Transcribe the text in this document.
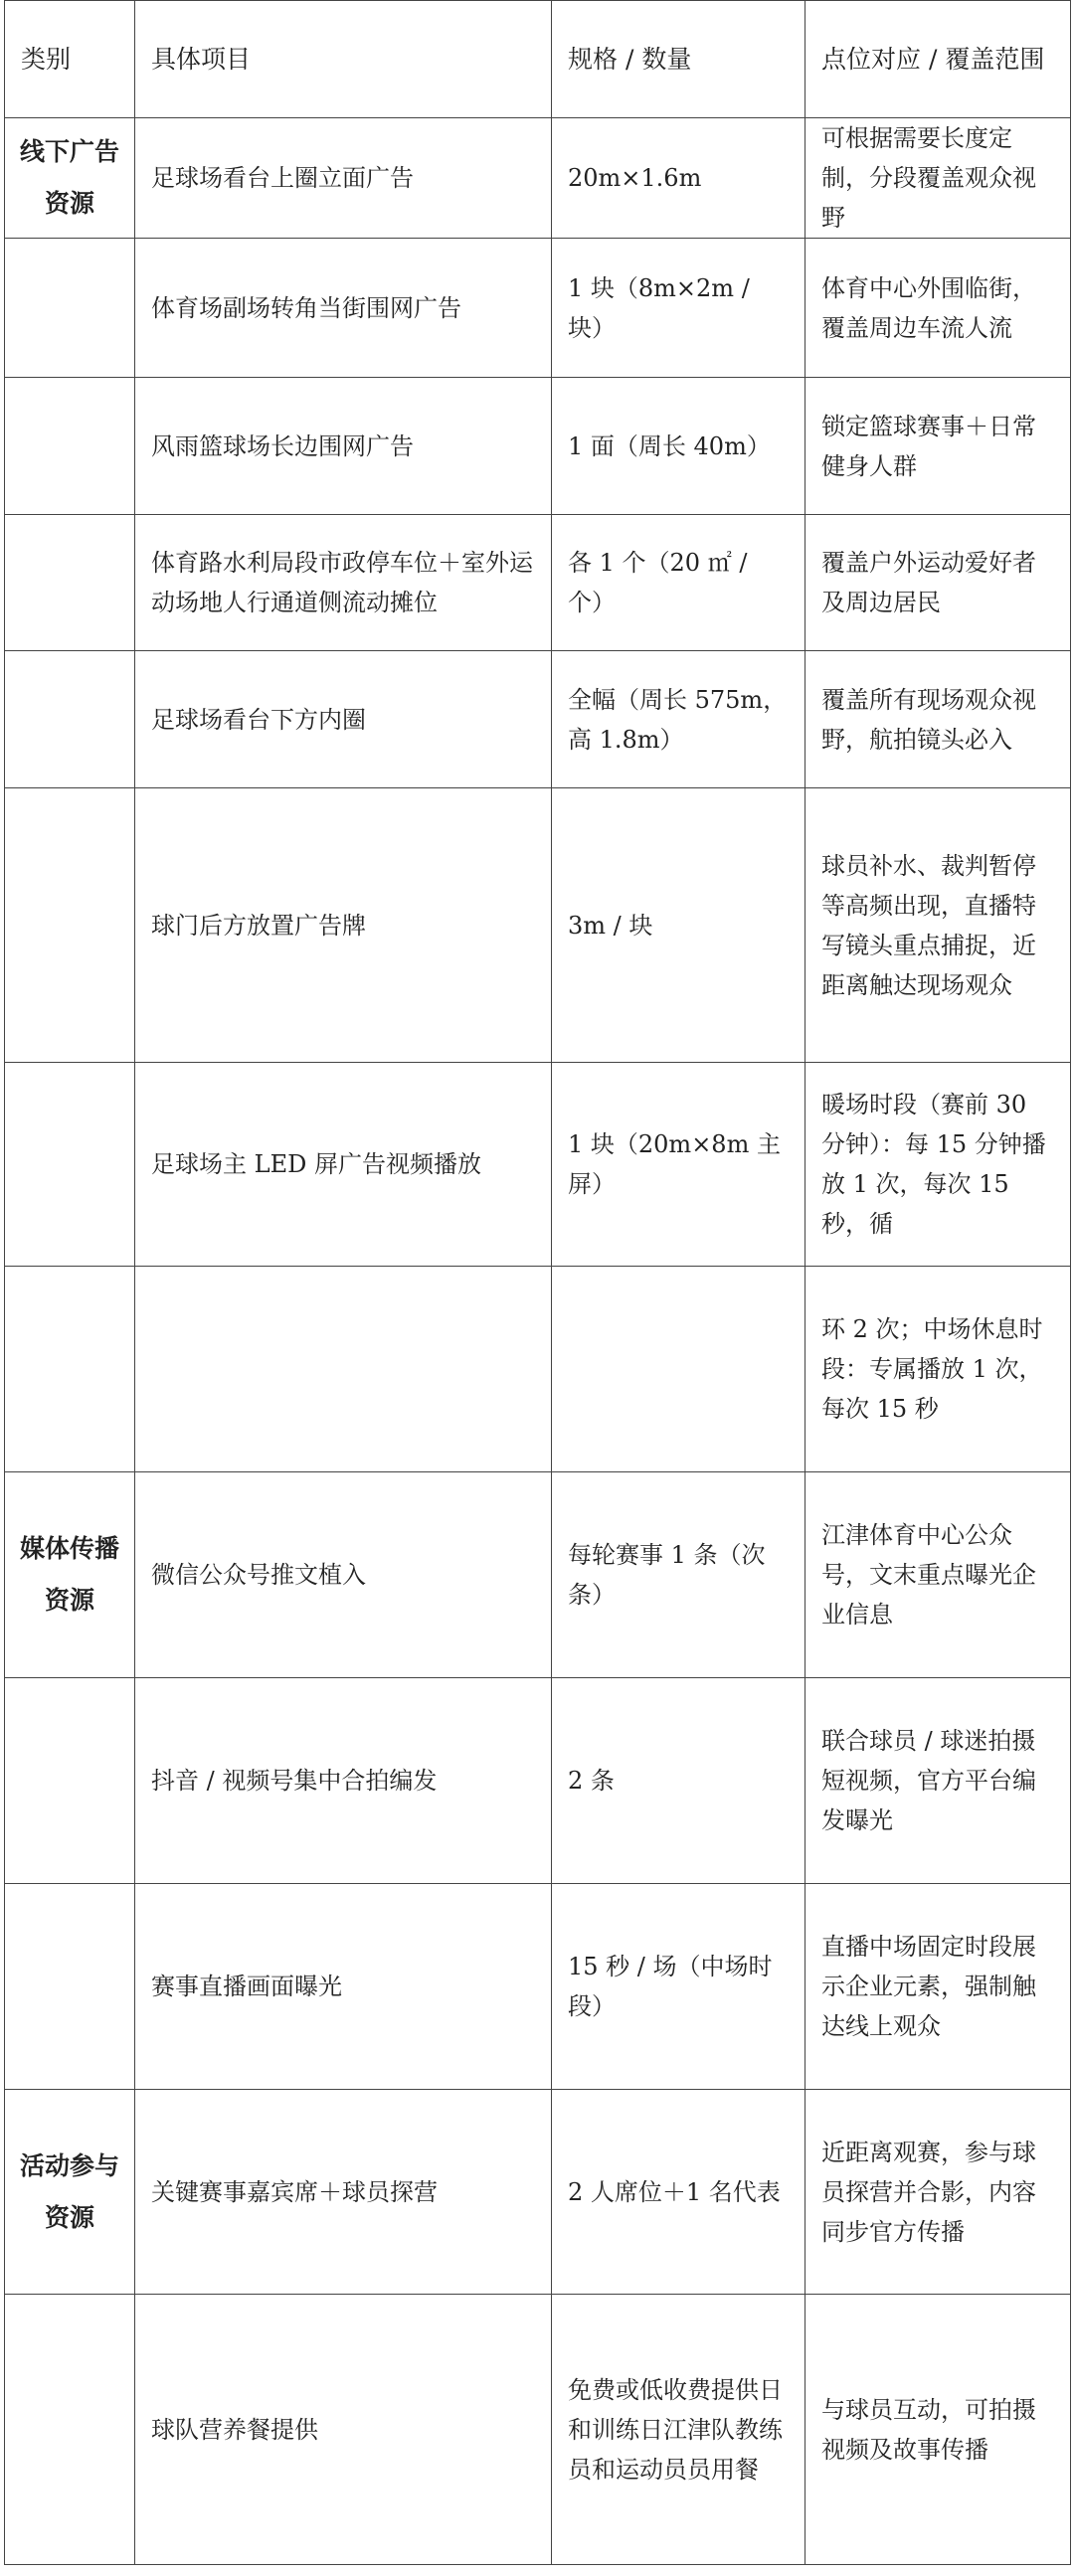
类别	具体项目	规格 / 数量	点位对应 / 覆盖范围
线下广告资源	足球场看台上圈立面广告	20m×1.6m	可根据需要长度定制，分段覆盖观众视野
	体育场副场转角当街围网广告	1 块（8m×2m / 块）	体育中心外围临街，覆盖周边车流人流
	风雨篮球场长边围网广告	1 面（周长 40m）	锁定篮球赛事＋日常健身人群
	体育路水利局段市政停车位＋室外运动场地人行通道侧流动摊位	各 1 个（20 ㎡ / 个）	覆盖户外运动爱好者及周边居民
	足球场看台下方内圈	全幅（周长 575m，高 1.8m）	覆盖所有现场观众视野，航拍镜头必入
	球门后方放置广告牌	3m / 块	球员补水、裁判暂停等高频出现，直播特写镜头重点捕捉，近距离触达现场观众
	足球场主 LED 屏广告视频播放	1 块（20m×8m 主屏）	暖场时段（赛前 30 分钟）：每 15 分钟播放 1 次，每次 15 秒，循
			环 2 次；中场休息时段：专属播放 1 次，每次 15 秒
媒体传播资源	微信公众号推文植入	每轮赛事 1 条（次条）	江津体育中心公众号，文末重点曝光企业信息
	抖音 / 视频号集中合拍编发	2 条	联合球员 / 球迷拍摄短视频，官方平台编发曝光
	赛事直播画面曝光	15 秒 / 场（中场时段）	直播中场固定时段展示企业元素，强制触达线上观众
活动参与资源	关键赛事嘉宾席＋球员探营	2 人席位＋1 名代表	近距离观赛，参与球员探营并合影，内容同步官方传播
	球队营养餐提供	免费或低收费提供日和训练日江津队教练员和运动员员用餐	与球员互动，可拍摄视频及故事传播
